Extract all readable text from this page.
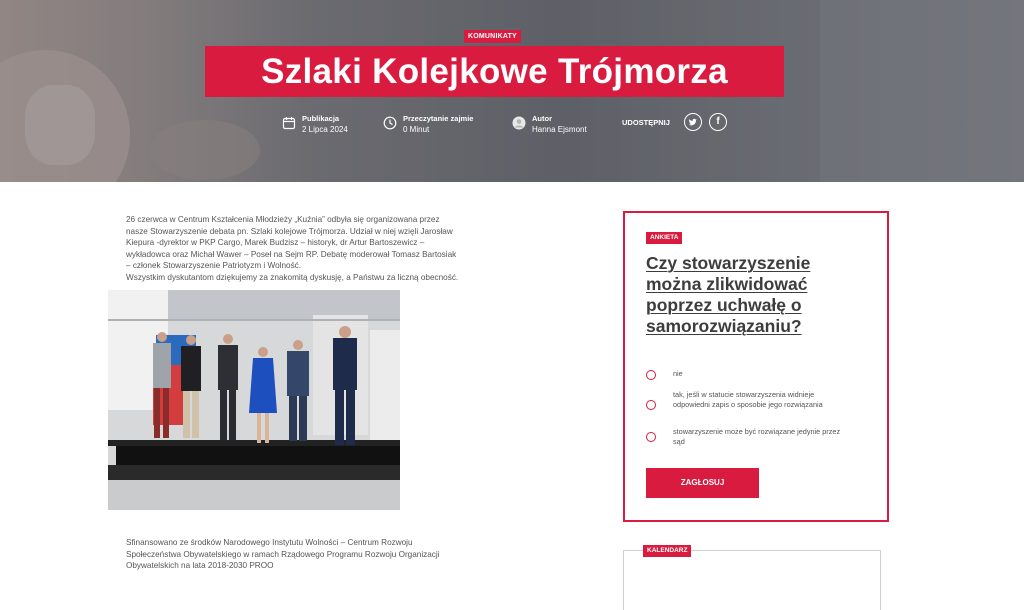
KOMUNIKATY
Szlaki Kolejkowe Trójmorza
Publikacja
2 Lipca 2024
Przeczytanie zajmie
0 Minut
Autor
Hanna Ejsmont
UDOSTĘPNIJ	f

26 czerwca w Centrum Kształcenia Młodzieży „Kuźnia” odbyła się organizowana przez

nasze Stowarzyszenie debata pn. Szlaki kolejowe Trójmorza. Udział w niej wzięli Jarosław

Kiepura -dyrektor w PKP Cargo, Marek Budzisz – historyk, dr Artur Bartoszewicz –

wykładowca oraz Michał Wawer – Poseł na Sejm RP. Debatę moderował Tomasz Bartosiak

– członek Stowarzyszenie Patriotyzm i Wolność.

Wszystkim dyskutantom dziękujemy za znakomitą dyskusję, a Państwu za liczną obecność.

Sfinansowano ze środków Narodowego Instytutu Wolności – Centrum Rozwoju

Społeczeństwa Obywatelskiego w ramach Rządowego Programu Rozwoju Organizacji

Obywatelskich na lata 2018-2030 PROO

ANKIETA
Czy stowarzyszenie można zlikwidować poprzez uchwałę o samorozwiązaniu?
nie
tak, jeśli w statucie stowarzyszenia widnieje odpowiedni zapis o sposobie jego rozwiązania
stowarzyszenie może być rozwiązane jedynie przez sąd
ZAGŁOSUJ
KALENDARZ
